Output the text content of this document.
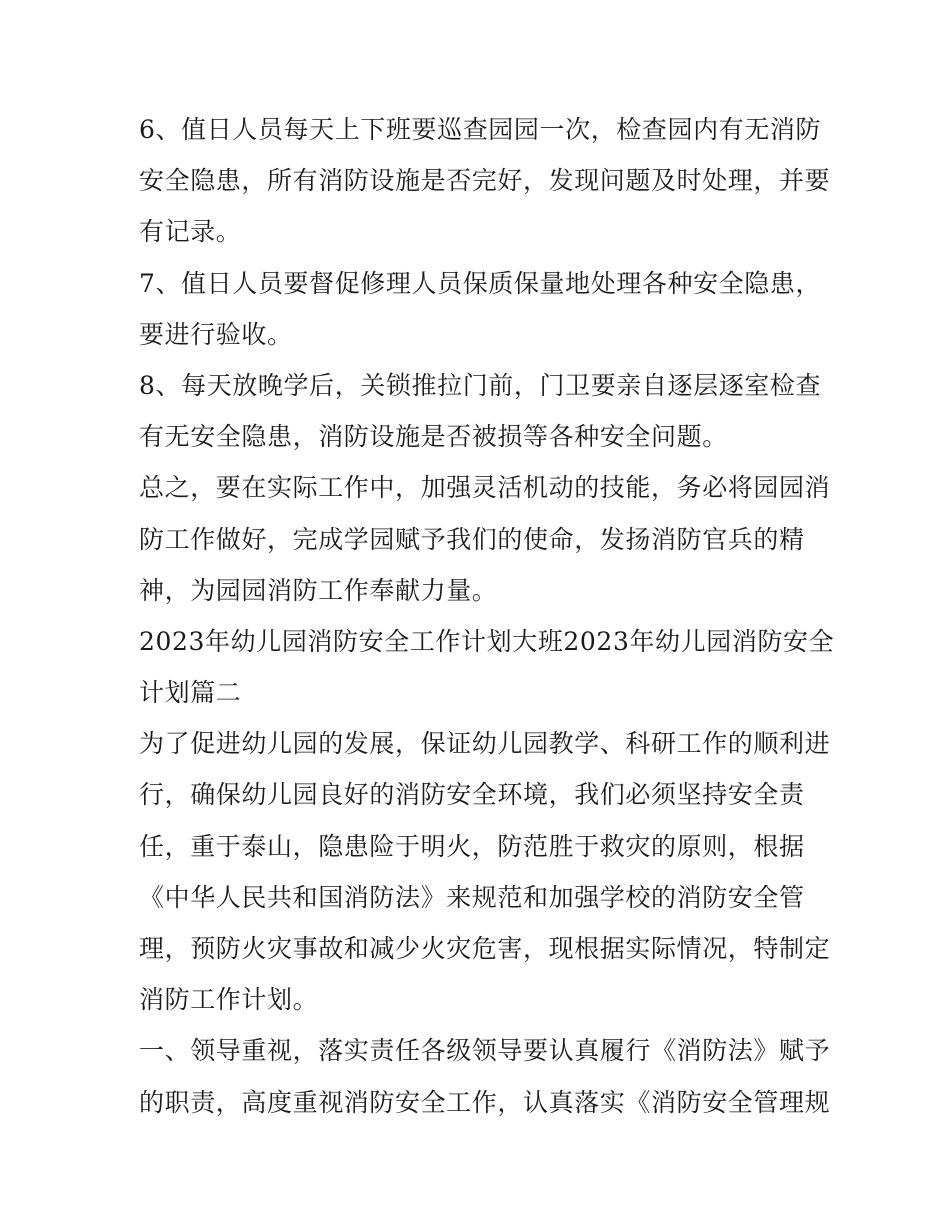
6、值日人员每天上下班要巡查园园一次，检查园内有无消防
安全隐患，所有消防设施是否完好，发现问题及时处理，并要
有记录。
7、值日人员要督促修理人员保质保量地处理各种安全隐患，
要进行验收。
8、每天放晚学后，关锁推拉门前，门卫要亲自逐层逐室检查
有无安全隐患，消防设施是否被损等各种安全问题。
总之，要在实际工作中，加强灵活机动的技能，务必将园园消
防工作做好，完成学园赋予我们的使命，发扬消防官兵的精
神，为园园消防工作奉献力量。
2023年幼儿园消防安全工作计划大班2023年幼儿园消防安全
计划篇二
为了促进幼儿园的发展，保证幼儿园教学、科研工作的顺利进
行，确保幼儿园良好的消防安全环境，我们必须坚持安全责
任，重于泰山，隐患险于明火，防范胜于救灾的原则，根据
《中华人民共和国消防法》来规范和加强学校的消防安全管
理，预防火灾事故和减少火灾危害，现根据实际情况，特制定
消防工作计划。
一、领导重视，落实责任各级领导要认真履行《消防法》赋予
的职责，高度重视消防安全工作，认真落实《消防安全管理规
